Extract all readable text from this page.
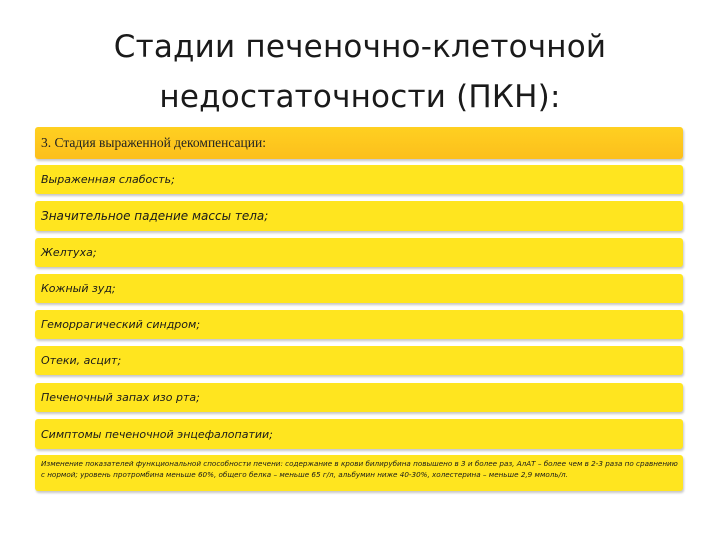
Стадии печеночно-клеточной
недостаточности (ПКН):
3. Стадия выраженной декомпенсации:
Выраженная слабость;
Значительное падение массы тела;
Желтуха;
Кожный зуд;
Геморрагический синдром;
Отеки, асцит;
Печеночный запах изо рта;
Симптомы печеночной энцефалопатии;
Изменение показателей функциональной способности печени: содержание в крови билирубина повышено в 3 и более раз, АлАТ – более чем в 2-3 раза по сравнению с нормой; уровень протромбина меньше 60%, общего белка – меньше 65 г/л, альбумин ниже 40-30%, холестерина – меньше 2,9 ммоль/л.
